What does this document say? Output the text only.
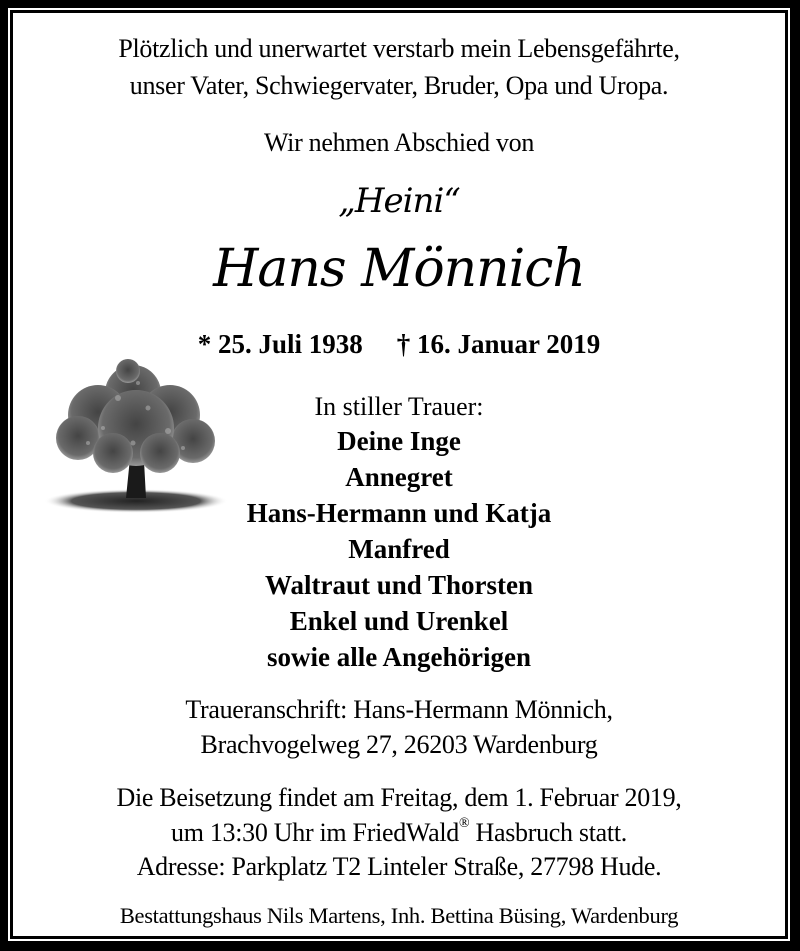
Plötzlich und unerwartet verstarb mein Lebensgefährte,
unser Vater, Schwiegervater, Bruder, Opa und Uropa.
Wir nehmen Abschied von
„Heini“
Hans Mönnich
* 25. Juli 1938 † 16. Januar 2019
In stiller Trauer:
Deine Inge
Annegret
Hans-Hermann und Katja
Manfred
Waltraut und Thorsten
Enkel und Urenkel
sowie alle Angehörigen
Traueranschrift: Hans-Hermann Mönnich,
Brachvogelweg 27, 26203 Wardenburg
Die Beisetzung findet am Freitag, dem 1. Februar 2019,
um 13:30 Uhr im FriedWald® Hasbruch statt.
Adresse: Parkplatz T2 Linteler Straße, 27798 Hude.
Bestattungshaus Nils Martens, Inh. Bettina Büsing, Wardenburg
